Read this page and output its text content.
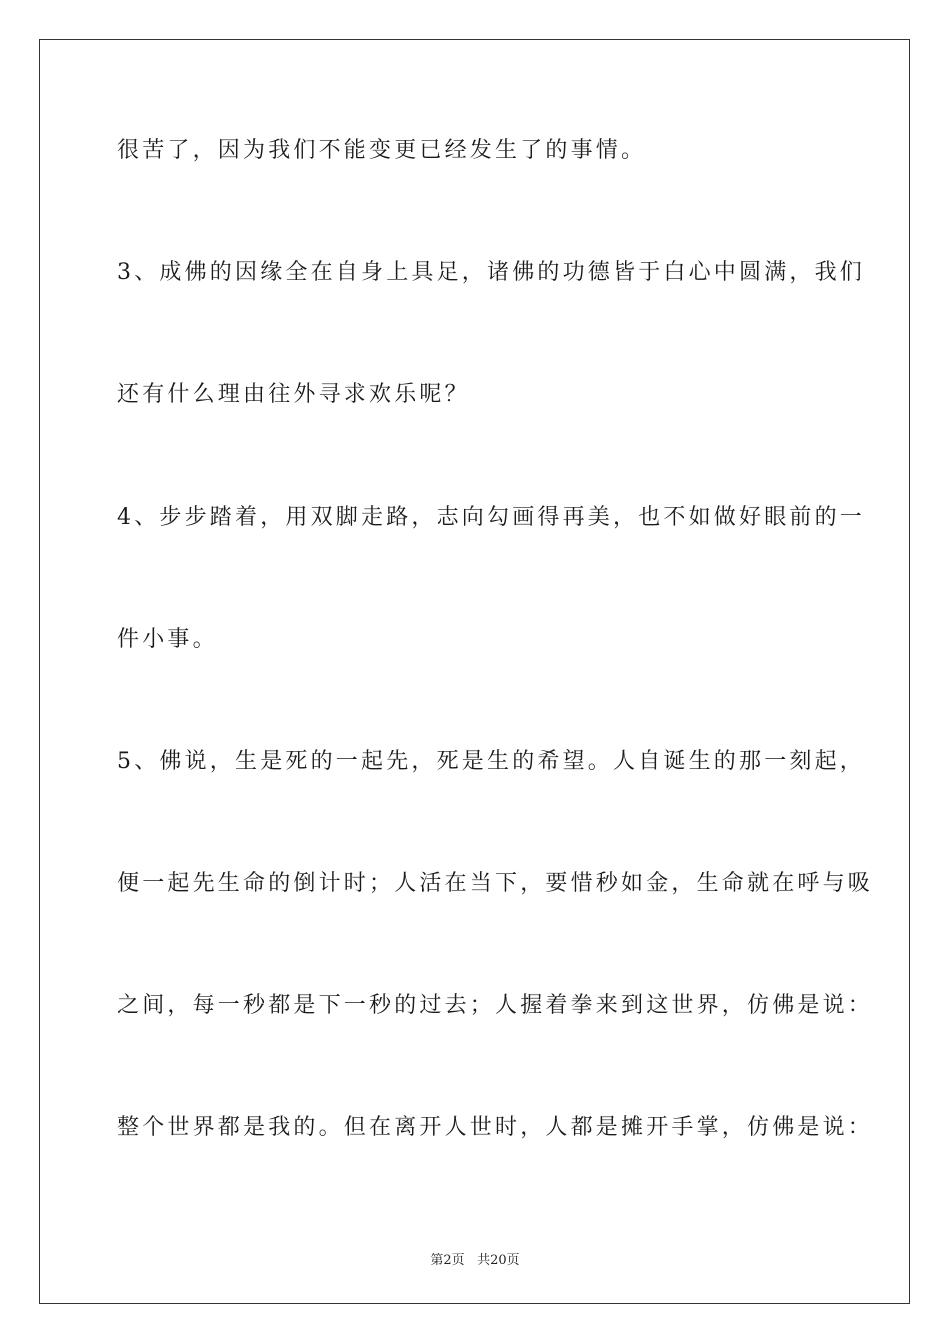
很苦了，因为我们不能变更已经发生了的事情。
3、成佛的因缘全在自身上具足，诸佛的功德皆于白心中圆满，我们
还有什么理由往外寻求欢乐呢？
4、步步踏着，用双脚走路，志向勾画得再美，也不如做好眼前的一
件小事。
5、佛说，生是死的一起先，死是生的希望。人自诞生的那一刻起，
便一起先生命的倒计时；人活在当下，要惜秒如金，生命就在呼与吸
之间，每一秒都是下一秒的过去；人握着拳来到这世界，仿佛是说：
整个世界都是我的。但在离开人世时，人都是摊开手掌，仿佛是说：
第2页 共20页
